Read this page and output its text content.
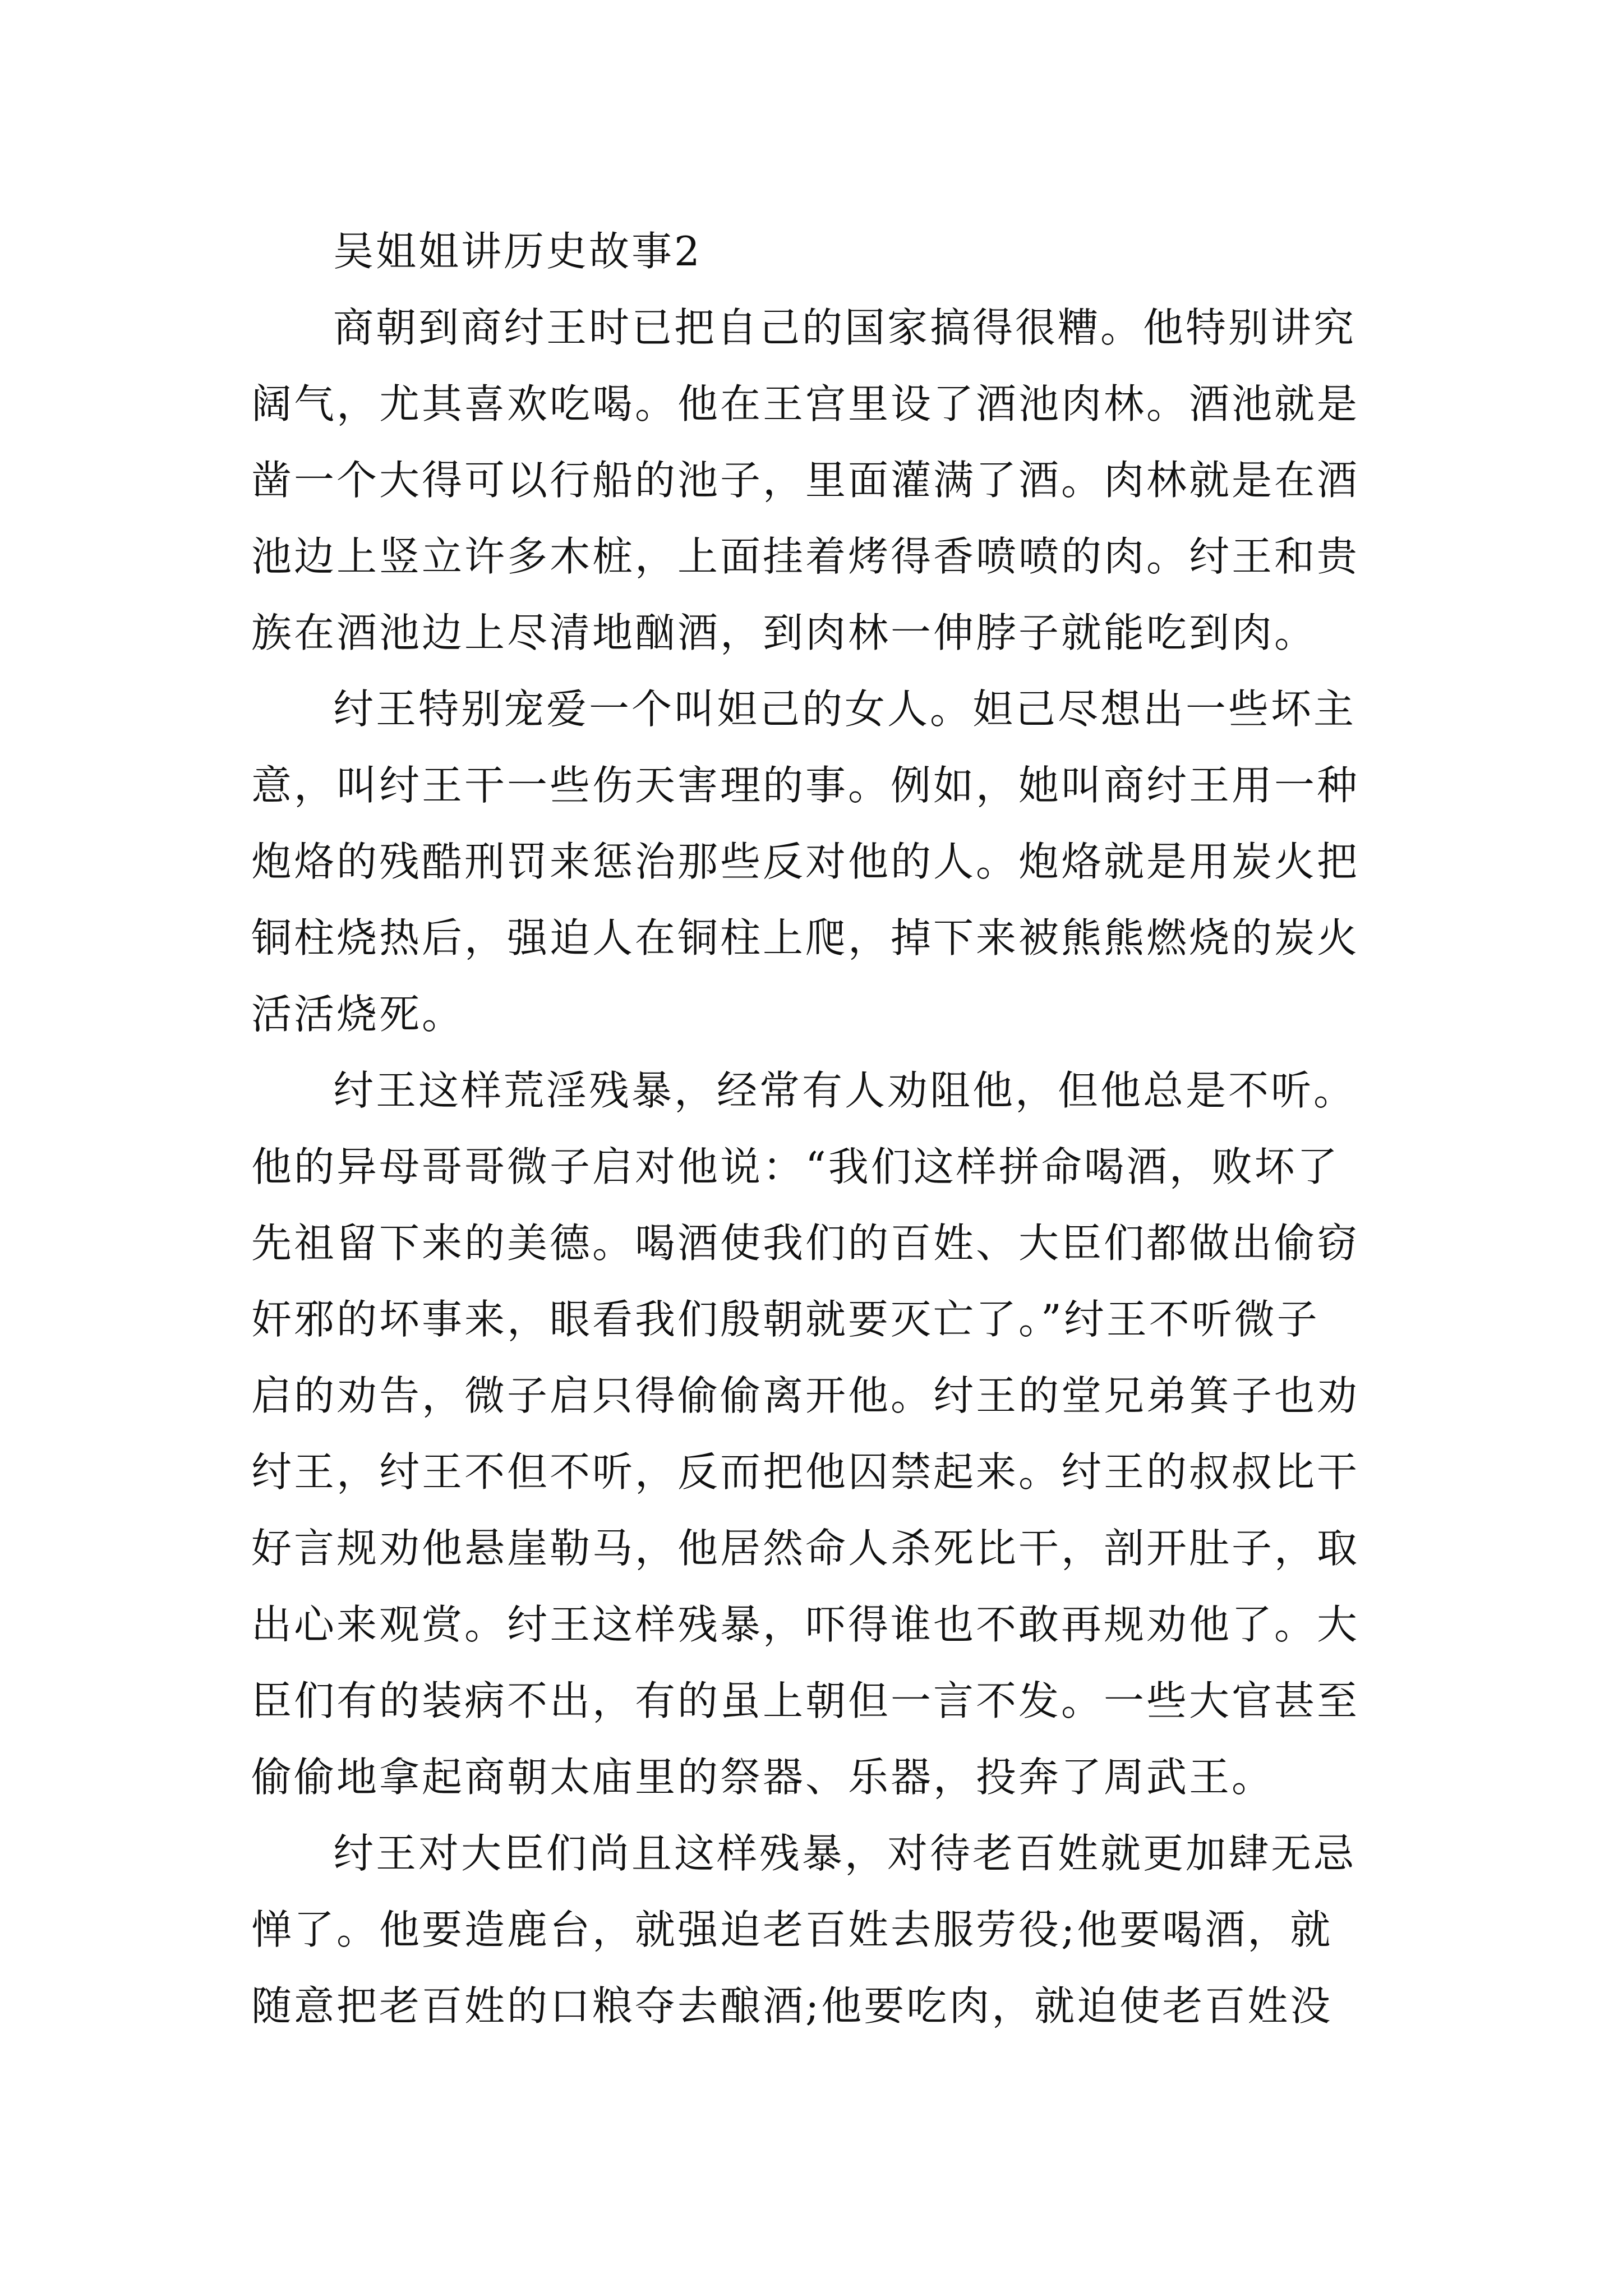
吴姐姐讲历史故事2
商朝到商纣王时已把自己的国家搞得很糟。他特别讲究
阔气，尤其喜欢吃喝。他在王宫里设了酒池肉林。酒池就是
凿一个大得可以行船的池子，里面灌满了酒。肉林就是在酒
池边上竖立许多木桩，上面挂着烤得香喷喷的肉。纣王和贵
族在酒池边上尽清地酗酒，到肉林一伸脖子就能吃到肉。
纣王特别宠爱一个叫妲己的女人。妲己尽想出一些坏主
意，叫纣王干一些伤天害理的事。例如，她叫商纣王用一种
炮烙的残酷刑罚来惩治那些反对他的人。炮烙就是用炭火把
铜柱烧热后，强迫人在铜柱上爬，掉下来被熊熊燃烧的炭火
活活烧死。
纣王这样荒淫残暴，经常有人劝阻他，但他总是不听。
他的异母哥哥微子启对他说：“我们这样拼命喝酒，败坏了
先祖留下来的美德。喝酒使我们的百姓、大臣们都做出偷窃
奸邪的坏事来，眼看我们殷朝就要灭亡了。”纣王不听微子
启的劝告，微子启只得偷偷离开他。纣王的堂兄弟箕子也劝
纣王，纣王不但不听，反而把他囚禁起来。纣王的叔叔比干
好言规劝他悬崖勒马，他居然命人杀死比干，剖开肚子，取
出心来观赏。纣王这样残暴，吓得谁也不敢再规劝他了。大
臣们有的装病不出，有的虽上朝但一言不发。一些大官甚至
偷偷地拿起商朝太庙里的祭器、乐器，投奔了周武王。
纣王对大臣们尚且这样残暴，对待老百姓就更加肆无忌
惮了。他要造鹿台，就强迫老百姓去服劳役;他要喝酒，就
随意把老百姓的口粮夺去酿酒;他要吃肉，就迫使老百姓没
